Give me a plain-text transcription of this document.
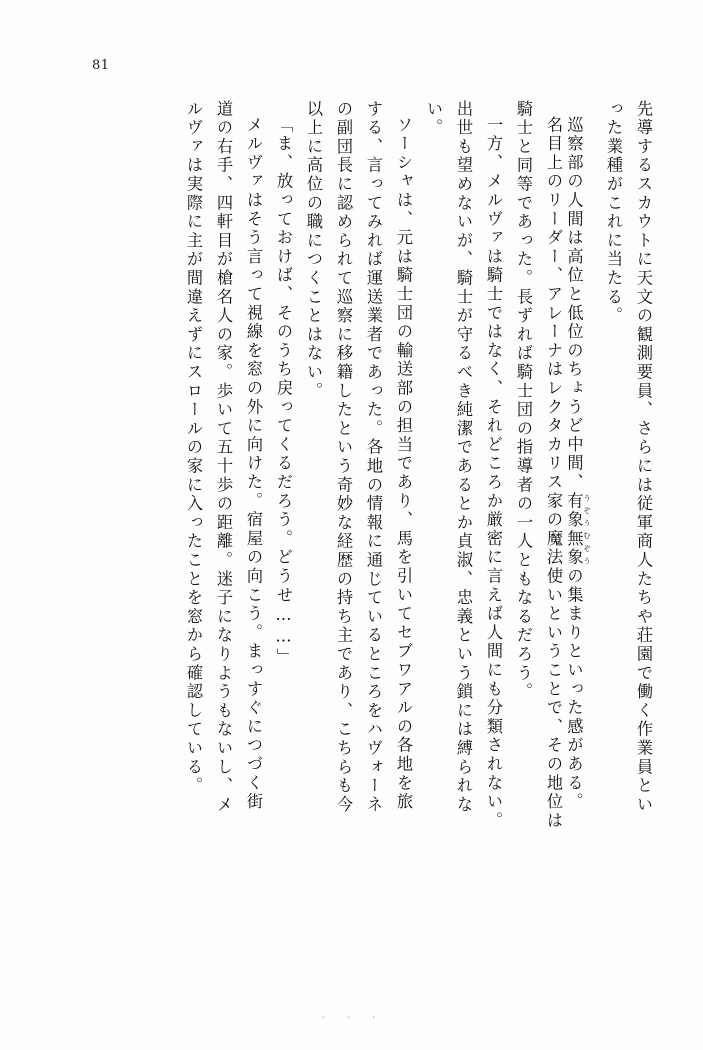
81
先導するスカウトに天文の観測要員、さらには従軍商人たちや荘園で働く作業員とい
った業種がこれに当たる。
巡察部の人間は高位と低位のちょうど中間、有象無象 うぞうむぞうの集まりといった感がある。
名目上のリーダー、アレーナはレクタカリス家の魔法使いということで、その地位は
騎士と同等であった。長ずれば騎士団の指導者の一人ともなるだろう。
一方、メルヴァは騎士ではなく、それどころか厳密に言えば人間にも分類されない。
出世も望めないが、騎士が守るべき純潔であるとか貞淑、忠義という鎖には縛られな
い。
ソーシャは、元は騎士団の輸送部の担当であり、馬を引いてセブワアルの各地を旅
する、言ってみれば運送業者であった。各地の情報に通じているところをハヴォーネ
の副団長に認められて巡察に移籍したという奇妙な経歴の持ち主であり、こちらも今
以上に高位の職につくことはない。
「ま、放っておけば、そのうち戻ってくるだろう。どうせ……」
メルヴァはそう言って視線を窓の外に向けた。宿屋の向こう。まっすぐにつづく街
道の右手、四軒目が槍名人の家。歩いて五十歩の距離。迷子になりようもないし、メ
ルヴァは実際に主が間違えずにスロールの家に入ったことを窓から確認している。
・ ・ ・
